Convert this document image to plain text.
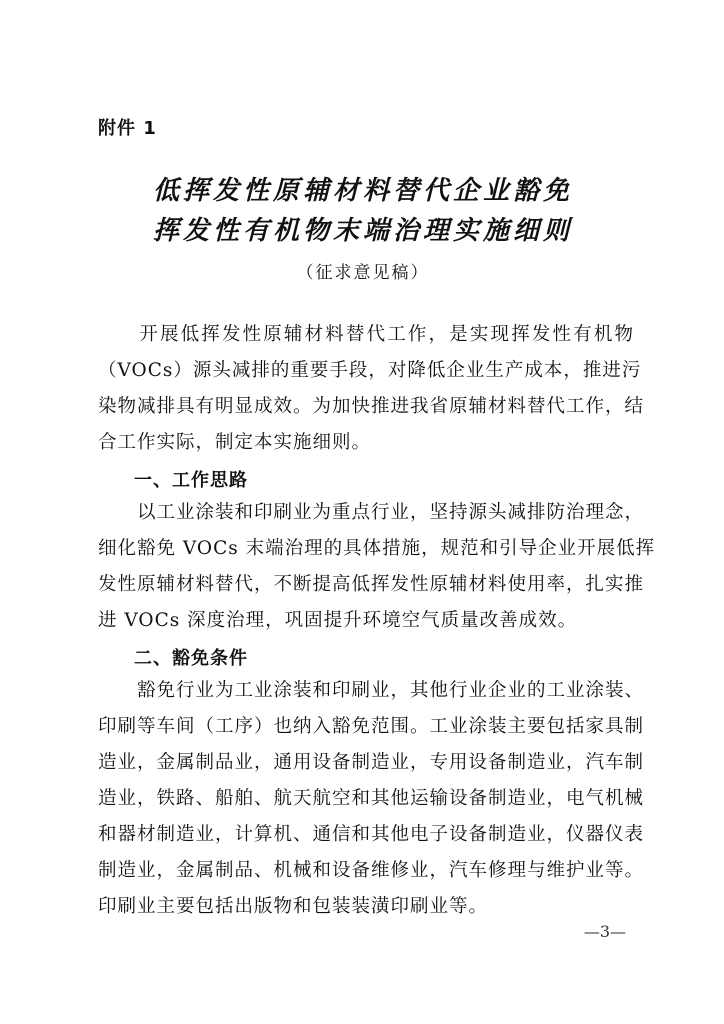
附件 1
低挥发性原辅材料替代企业豁免
挥发性有机物末端治理实施细则
（征求意见稿）
　　开展低挥发性原辅材料替代工作，是实现挥发性有机物
（VOCs）源头减排的重要手段，对降低企业生产成本，推进污
染物减排具有明显成效。为加快推进我省原辅材料替代工作，结
合工作实际，制定本实施细则。
一、工作思路
　　以工业涂装和印刷业为重点行业，坚持源头减排防治理念，
细化豁免 VOCs 末端治理的具体措施，规范和引导企业开展低挥
发性原辅材料替代，不断提高低挥发性原辅材料使用率，扎实推
进 VOCs 深度治理，巩固提升环境空气质量改善成效。
二、豁免条件
　　豁免行业为工业涂装和印刷业，其他行业企业的工业涂装、
印刷等车间（工序）也纳入豁免范围。工业涂装主要包括家具制
造业，金属制品业，通用设备制造业，专用设备制造业，汽车制
造业，铁路、船舶、航天航空和其他运输设备制造业，电气机械
和器材制造业，计算机、通信和其他电子设备制造业，仪器仪表
制造业，金属制品、机械和设备维修业，汽车修理与维护业等。
印刷业主要包括出版物和包装装潢印刷业等。
—3—
